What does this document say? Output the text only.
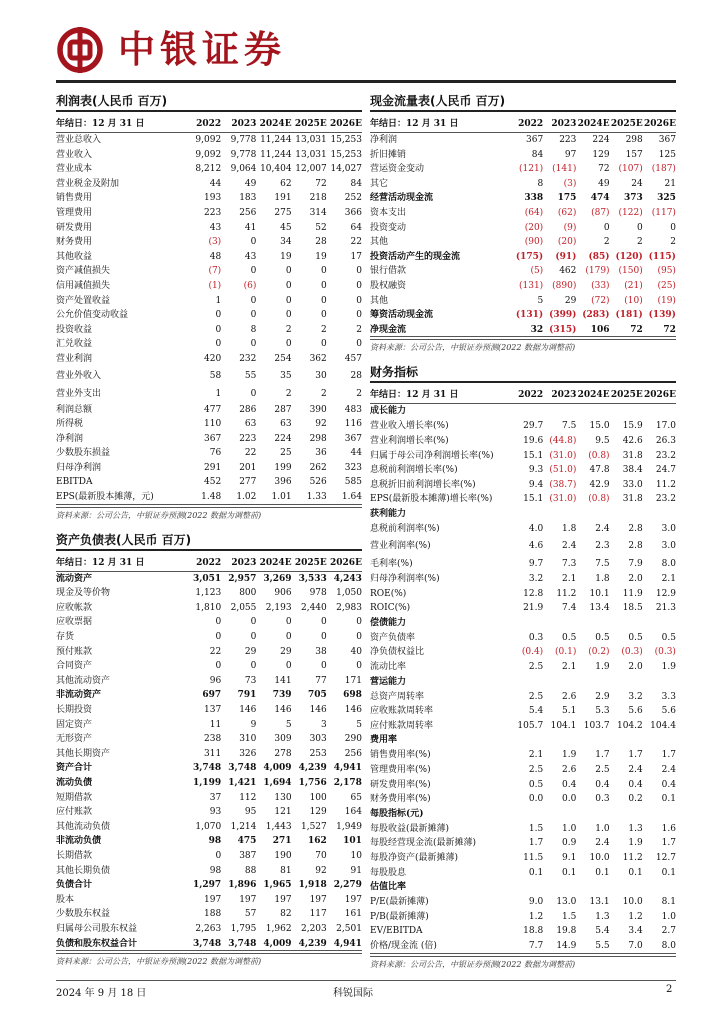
中银证券
利润表(人民币 百万)
年结日：12 月 31 日	2022	2023 2024E 2025E 2026E
营业总收入	9,092	9,778 11,244 13,031 15,253
营业收入	9,092	9,778 11,244 13,031 15,253
营业成本	8,212	9,064 10,404 12,007 14,027
营业税金及附加	44	49	62	72	84
销售费用	193	183	191	218	252
管理费用	223	256	275	314	366
研发费用	43	41	45	52	64
财务费用	(3)	0	34	28	22
其他收益	48	43	19	19	17
资产减值损失	(7)	0	0	0	0
信用减值损失	(1)	(6)	0	0	0
资产处置收益	1	0	0	0	0
公允价值变动收益	0	0	0	0	0
投资收益	0	8	2	2	2
汇兑收益	0	0	0	0	0
营业利润	420	232	254	362	457
营业外收入	58	55	35	30	28
营业外支出	1	0	2	2	2
利润总额	477	286	287	390	483
所得税	110	63	63	92	116
净利润	367	223	224	298	367
少数股东损益	76	22	25	36	44
归母净利润	291	201	199	262	323
EBITDA	452	277	396	526	585
EPS(最新股本摊薄，元)	1.48	1.02	1.01	1.33	1.64
资料来源：公司公告，中银证券预测(2022 数据为调整前)
资产负债表(人民币 百万)
年结日：12 月 31 日	2022	2023 2024E 2025E 2026E
流动资产	3,051 2,957 3,269 3,533 4,243
现金及等价物	1,123	800	906	978	1,050
应收帐款	1,810	2,055	2,193	2,440	2,983
应收票据	0	0	0	0	0
存货	0	0	0	0	0
预付账款	22	29	29	38	40
合同资产	0	0	0	0	0
其他流动资产	96	73	141	77	171
非流动资产	697	791	739	705	698
长期投资	137	146	146	146	146
固定资产	11	9	5	3	5
无形资产	238	310	309	303	290
其他长期资产	311	326	278	253	256
资产合计	3,748 3,748 4,009 4,239 4,941
流动负债	1,199 1,421 1,694 1,756 2,178
短期借款	37	112	130	100	65
应付账款	93	95	121	129	164
其他流动负债	1,070	1,214	1,443	1,527	1,949
非流动负债	98	475	271	162	101
长期借款	0	387	190	70	10
其他长期负债	98	88	81	92	91
负债合计	1,297 1,896 1,965 1,918 2,279
股本	197	197	197	197	197
少数股东权益	188	57	82	117	161
归属母公司股东权益	2,263	1,795	1,962	2,203	2,501
负债和股东权益合计	3,748 3,748 4,009 4,239 4,941
资料来源：公司公告，中银证券预测(2022 数据为调整前)
现金流量表(人民币 百万)
年结日：12 月 31 日	2022 2023 2024E 2025E 2026E
净利润	367	223	224	298	367
折旧摊销	84	97	129	157	125
营运资金变动	(121) (141)	72 (107) (187)
其它	8	(3)	49	24	21
经营活动现金流	338	175	474	373	325
资本支出	(64)	(62)	(87) (122) (117)
投资变动	(20)	(9)	0	0	0
其他	(90)	(20)	2	2	2
投资活动产生的现金流	(175)	(91)	(85) (120) (115)
银行借款	(5)	462 (179) (150)	(95)
股权融资	(131) (890)	(33)	(21)	(25)
其他	5	29	(72)	(10)	(19)
筹资活动现金流	(131) (399) (283) (181) (139)
净现金流	32 (315)	106	72	72
资料来源：公司公告，中银证券预测(2022 数据为调整前)
财务指标
年结日：12 月 31 日	2022 2023 2024E 2025E 2026E
成长能力
营业收入增长率(%)	29.7	7.5	15.0	15.9	17.0
营业利润增长率(%)	19.6 (44.8)	9.5	42.6	26.3
归属于母公司净利润增长率(%)	15.1 (31.0)	(0.8)	31.8	23.2
息税前利润增长率(%)	9.3 (51.0)	47.8	38.4	24.7
息税折旧前利润增长率(%)	9.4 (38.7)	42.9	33.0	11.2
EPS(最新股本摊薄)增长率(%)	15.1 (31.0)	(0.8)	31.8	23.2
获利能力
息税前利润率(%)	4.0	1.8	2.4	2.8	3.0
营业利润率(%)	4.6	2.4	2.3	2.8	3.0
毛利率(%)	9.7	7.3	7.5	7.9	8.0
归母净利润率(%)	3.2	2.1	1.8	2.0	2.1
ROE(%)	12.8	11.2	10.1	11.9	12.9
ROIC(%)	21.9	7.4	13.4	18.5	21.3
偿债能力
资产负债率	0.3	0.5	0.5	0.5	0.5
净负债权益比	(0.4)	(0.1)	(0.2)	(0.3)	(0.3)
流动比率	2.5	2.1	1.9	2.0	1.9
营运能力
总资产周转率	2.5	2.6	2.9	3.2	3.3
应收账款周转率	5.4	5.1	5.3	5.6	5.6
应付账款周转率	105.7 104.1 103.7 104.2 104.4
费用率
销售费用率(%)	2.1	1.9	1.7	1.7	1.7
管理费用率(%)	2.5	2.6	2.5	2.4	2.4
研发费用率(%)	0.5	0.4	0.4	0.4	0.4
财务费用率(%)	0.0	0.0	0.3	0.2	0.1
每股指标(元)
每股收益(最新摊薄)	1.5	1.0	1.0	1.3	1.6
每股经营现金流(最新摊薄)	1.7	0.9	2.4	1.9	1.7
每股净资产(最新摊薄)	11.5	9.1	10.0	11.2	12.7
每股股息	0.1	0.1	0.1	0.1	0.1
估值比率
P/E(最新摊薄)	9.0	13.0	13.1	10.0	8.1
P/B(最新摊薄)	1.2	1.5	1.3	1.2	1.0
EV/EBITDA	18.8	19.8	5.4	3.4	2.7
价格/现金流 (倍)	7.7	14.9	5.5	7.0	8.0
资料来源：公司公告，中银证券预测(2022 数据为调整前)
2024 年 9 月 18 日	科锐国际	2
